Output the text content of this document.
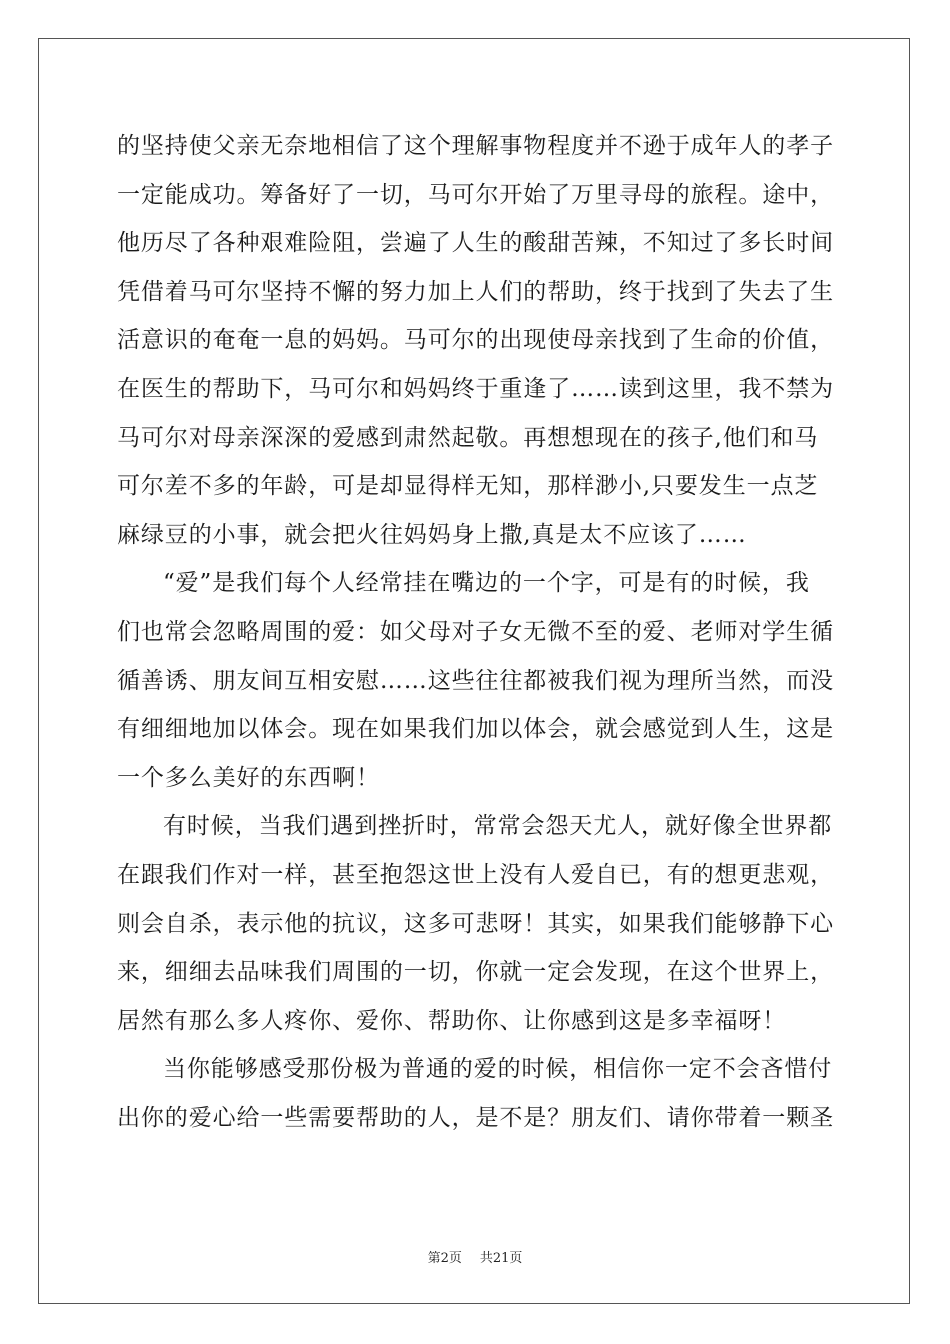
的坚持使父亲无奈地相信了这个理解事物程度并不逊于成年人的孝子
一定能成功。筹备好了一切，马可尔开始了万里寻母的旅程。途中，
他历尽了各种艰难险阻，尝遍了人生的酸甜苦辣，不知过了多长时间
凭借着马可尔坚持不懈的努力加上人们的帮助，终于找到了失去了生
活意识的奄奄一息的妈妈。马可尔的出现使母亲找到了生命的价值，
在医生的帮助下，马可尔和妈妈终于重逢了……读到这里，我不禁为
马可尔对母亲深深的爱感到肃然起敬。再想想现在的孩子,他们和马
可尔差不多的年龄，可是却显得样无知，那样渺小,只要发生一点芝
麻绿豆的小事，就会把火往妈妈身上撒,真是太不应该了……
“爱”是我们每个人经常挂在嘴边的一个字，可是有的时候，我
们也常会忽略周围的爱：如父母对子女无微不至的爱、老师对学生循
循善诱、朋友间互相安慰……这些往往都被我们视为理所当然，而没
有细细地加以体会。现在如果我们加以体会，就会感觉到人生，这是
一个多么美好的东西啊！
有时候，当我们遇到挫折时，常常会怨天尤人，就好像全世界都
在跟我们作对一样，甚至抱怨这世上没有人爱自已，有的想更悲观，
则会自杀，表示他的抗议，这多可悲呀！其实，如果我们能够静下心
来，细细去品味我们周围的一切，你就一定会发现，在这个世界上，
居然有那么多人疼你、爱你、帮助你、让你感到这是多幸福呀！
当你能够感受那份极为普通的爱的时候，相信你一定不会吝惜付
出你的爱心给一些需要帮助的人，是不是？朋友们、请你带着一颗圣
第2页 共21页
